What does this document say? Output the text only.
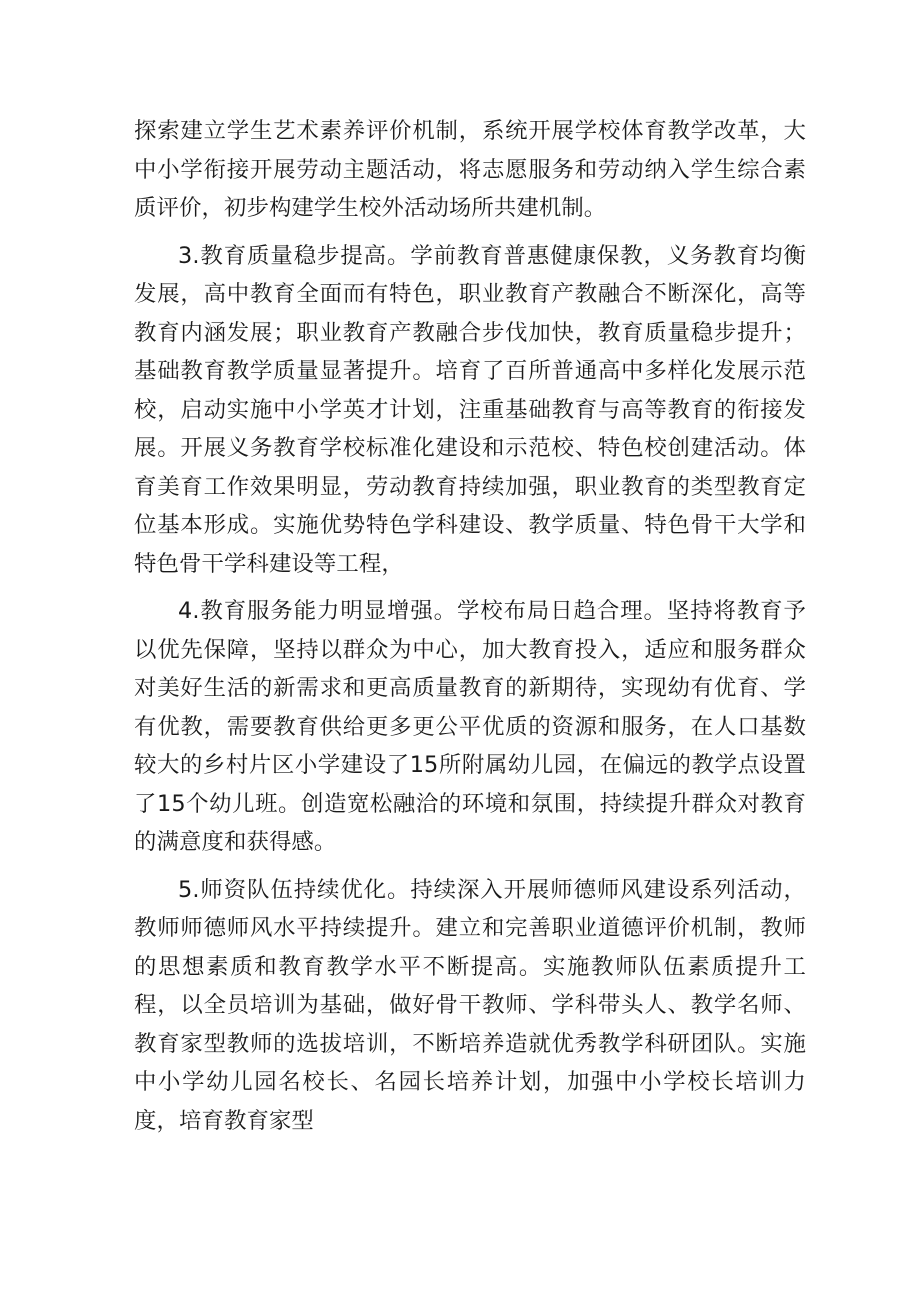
探索建立学生艺术素养评价机制，系统开展学校体育教学改革，大中小学衔接开展劳动主题活动，将志愿服务和劳动纳入学生综合素质评价，初步构建学生校外活动场所共建机制。

3.教育质量稳步提高。学前教育普惠健康保教，义务教育均衡发展，高中教育全面而有特色，职业教育产教融合不断深化，高等教育内涵发展；职业教育产教融合步伐加快，教育质量稳步提升；基础教育教学质量显著提升。培育了百所普通高中多样化发展示范校，启动实施中小学英才计划，注重基础教育与高等教育的衔接发展。开展义务教育学校标准化建设和示范校、特色校创建活动。体育美育工作效果明显，劳动教育持续加强，职业教育的类型教育定位基本形成。实施优势特色学科建设、教学质量、特色骨干大学和特色骨干学科建设等工程，

4.教育服务能力明显增强。学校布局日趋合理。坚持将教育予以优先保障，坚持以群众为中心，加大教育投入，适应和服务群众对美好生活的新需求和更高质量教育的新期待，实现幼有优育、学有优教，需要教育供给更多更公平优质的资源和服务，在人口基数较大的乡村片区小学建设了15所附属幼儿园，在偏远的教学点设置了15个幼儿班。创造宽松融洽的环境和氛围，持续提升群众对教育的满意度和获得感。

5.师资队伍持续优化。持续深入开展师德师风建设系列活动，教师师德师风水平持续提升。建立和完善职业道德评价机制，教师的思想素质和教育教学水平不断提高。实施教师队伍素质提升工程，以全员培训为基础，做好骨干教师、学科带头人、教学名师、教育家型教师的选拔培训，不断培养造就优秀教学科研团队。实施中小学幼儿园名校长、名园长培养计划，加强中小学校长培训力度，培育教育家型
